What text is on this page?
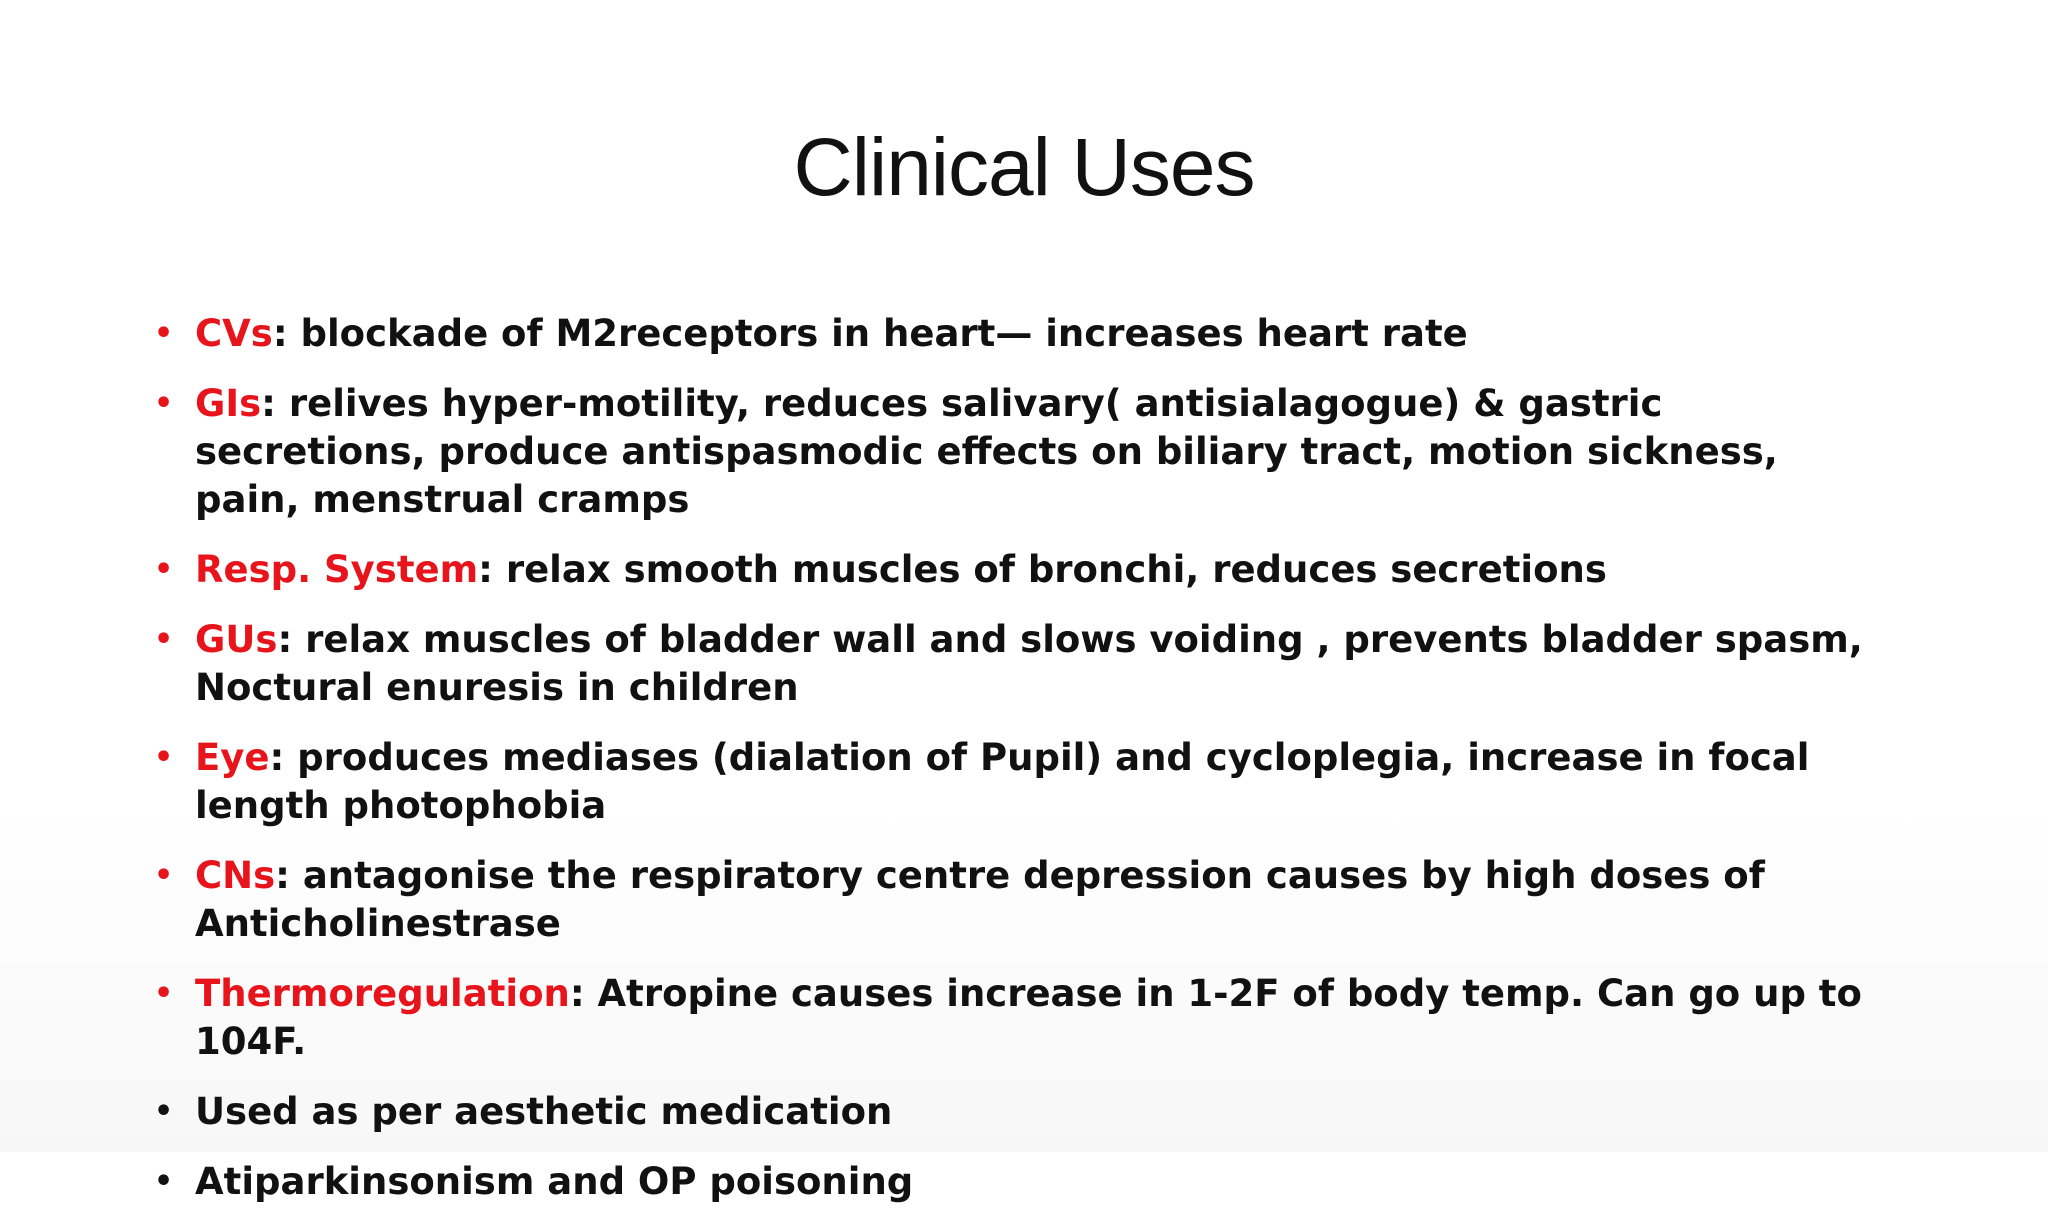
Clinical Uses
• CVs: blockade of M2receptors in heart— increases heart rate
• GIs: relives hyper-motility, reduces salivary( antisialagogue) & gastric secretions, produce antispasmodic effects on biliary tract, motion sickness, pain, menstrual cramps
• Resp. System: relax smooth muscles of bronchi, reduces secretions
• GUs: relax muscles of bladder wall and slows voiding , prevents bladder spasm, Noctural enuresis in children
• Eye: produces mediases (dialation of Pupil) and cycloplegia, increase in focal length photophobia
• CNs: antagonise the respiratory centre depression causes by high doses of Anticholinestrase
• Thermoregulation: Atropine causes increase in 1-2F of body temp. Can go up to 104F.
• Used as per aesthetic medication
• Atiparkinsonism and OP poisoning
